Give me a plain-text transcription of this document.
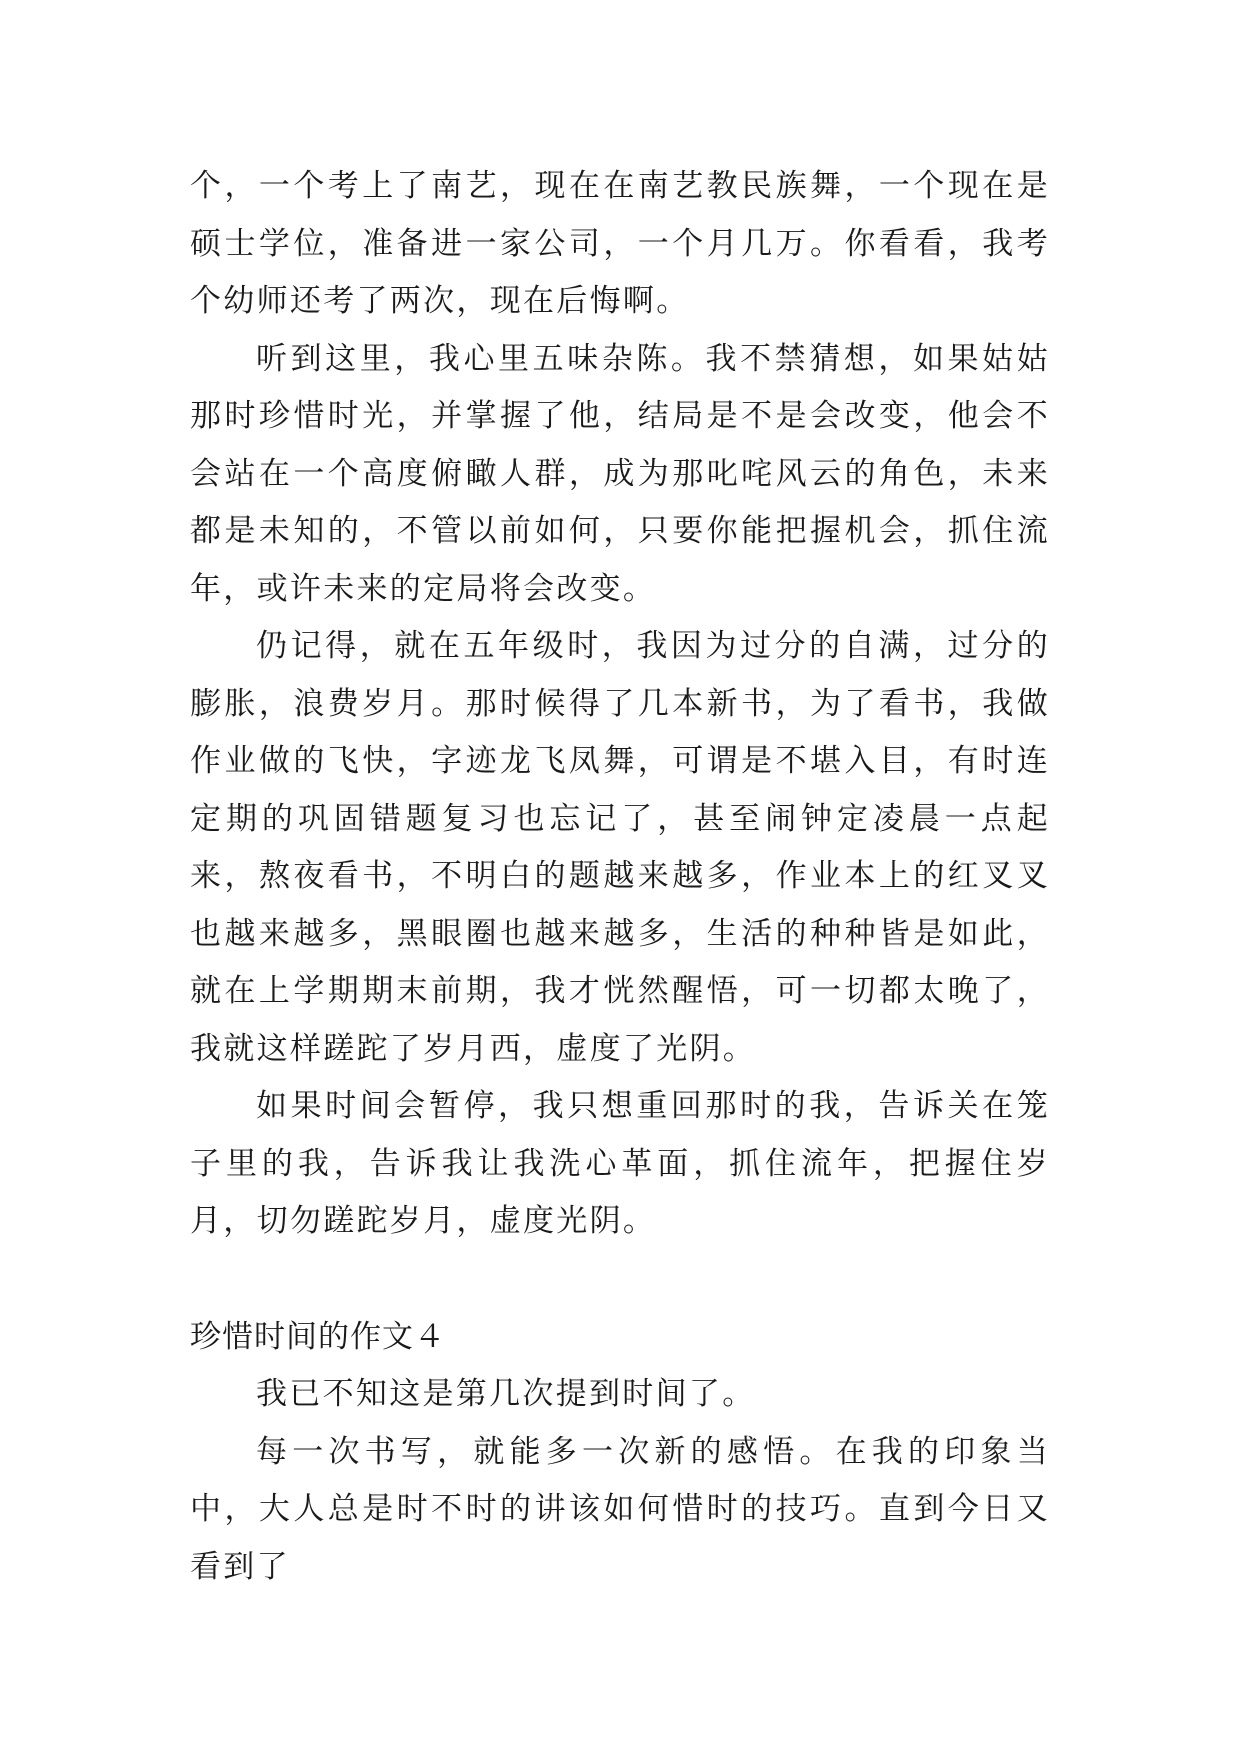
个，一个考上了南艺，现在在南艺教民族舞，一个现在是硕士学位，准备进一家公司，一个月几万。你看看，我考个幼师还考了两次，现在后悔啊。

听到这里，我心里五味杂陈。我不禁猜想，如果姑姑那时珍惜时光，并掌握了他，结局是不是会改变，他会不会站在一个高度俯瞰人群，成为那叱咤风云的角色，未来都是未知的，不管以前如何，只要你能把握机会，抓住流年，或许未来的定局将会改变。

仍记得，就在五年级时，我因为过分的自满，过分的膨胀，浪费岁月。那时候得了几本新书，为了看书，我做作业做的飞快，字迹龙飞凤舞，可谓是不堪入目，有时连定期的巩固错题复习也忘记了，甚至闹钟定凌晨一点起来，熬夜看书，不明白的题越来越多，作业本上的红叉叉也越来越多，黑眼圈也越来越多，生活的种种皆是如此，就在上学期期末前期，我才恍然醒悟，可一切都太晚了，我就这样蹉跎了岁月西，虚度了光阴。

如果时间会暂停，我只想重回那时的我，告诉关在笼子里的我，告诉我让我洗心革面，抓住流年，把握住岁月，切勿蹉跎岁月，虚度光阴。

珍惜时间的作文４

我已不知这是第几次提到时间了。

每一次书写，就能多一次新的感悟。在我的印象当中，大人总是时不时的讲该如何惜时的技巧。直到今日又看到了
